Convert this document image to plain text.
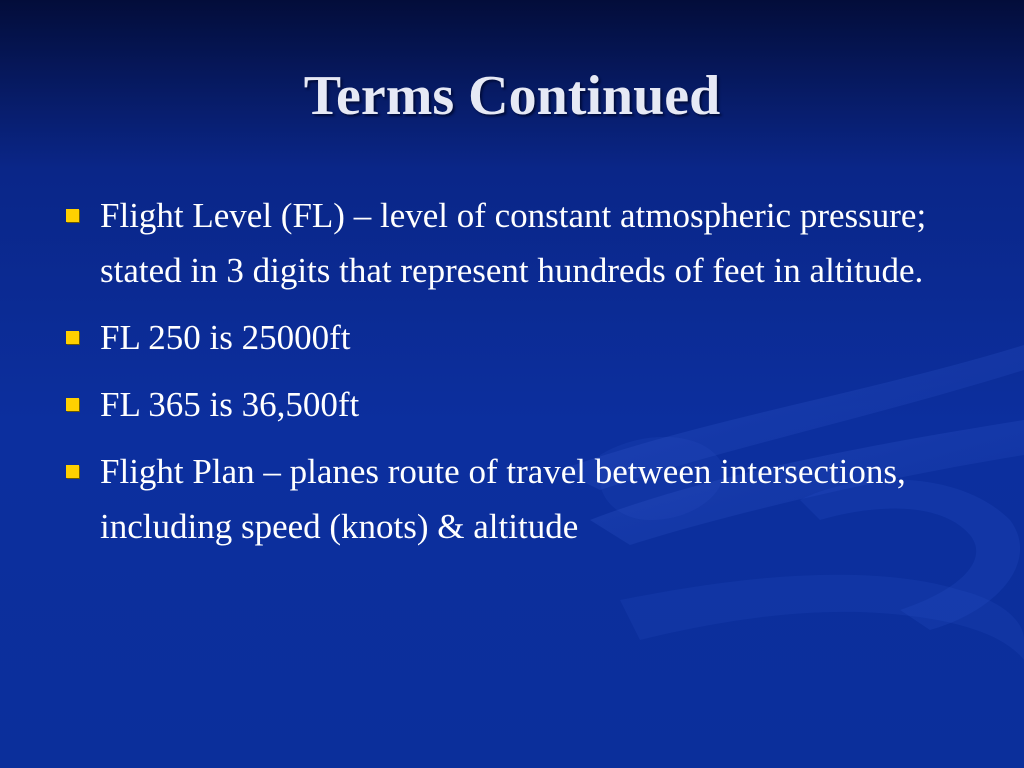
Terms Continued
Flight Level (FL) – level of constant atmospheric pressure; stated in 3 digits that represent hundreds of feet in altitude.
FL 250 is 25000ft
FL 365 is 36,500ft
Flight Plan – planes route of travel between intersections, including speed (knots) & altitude
